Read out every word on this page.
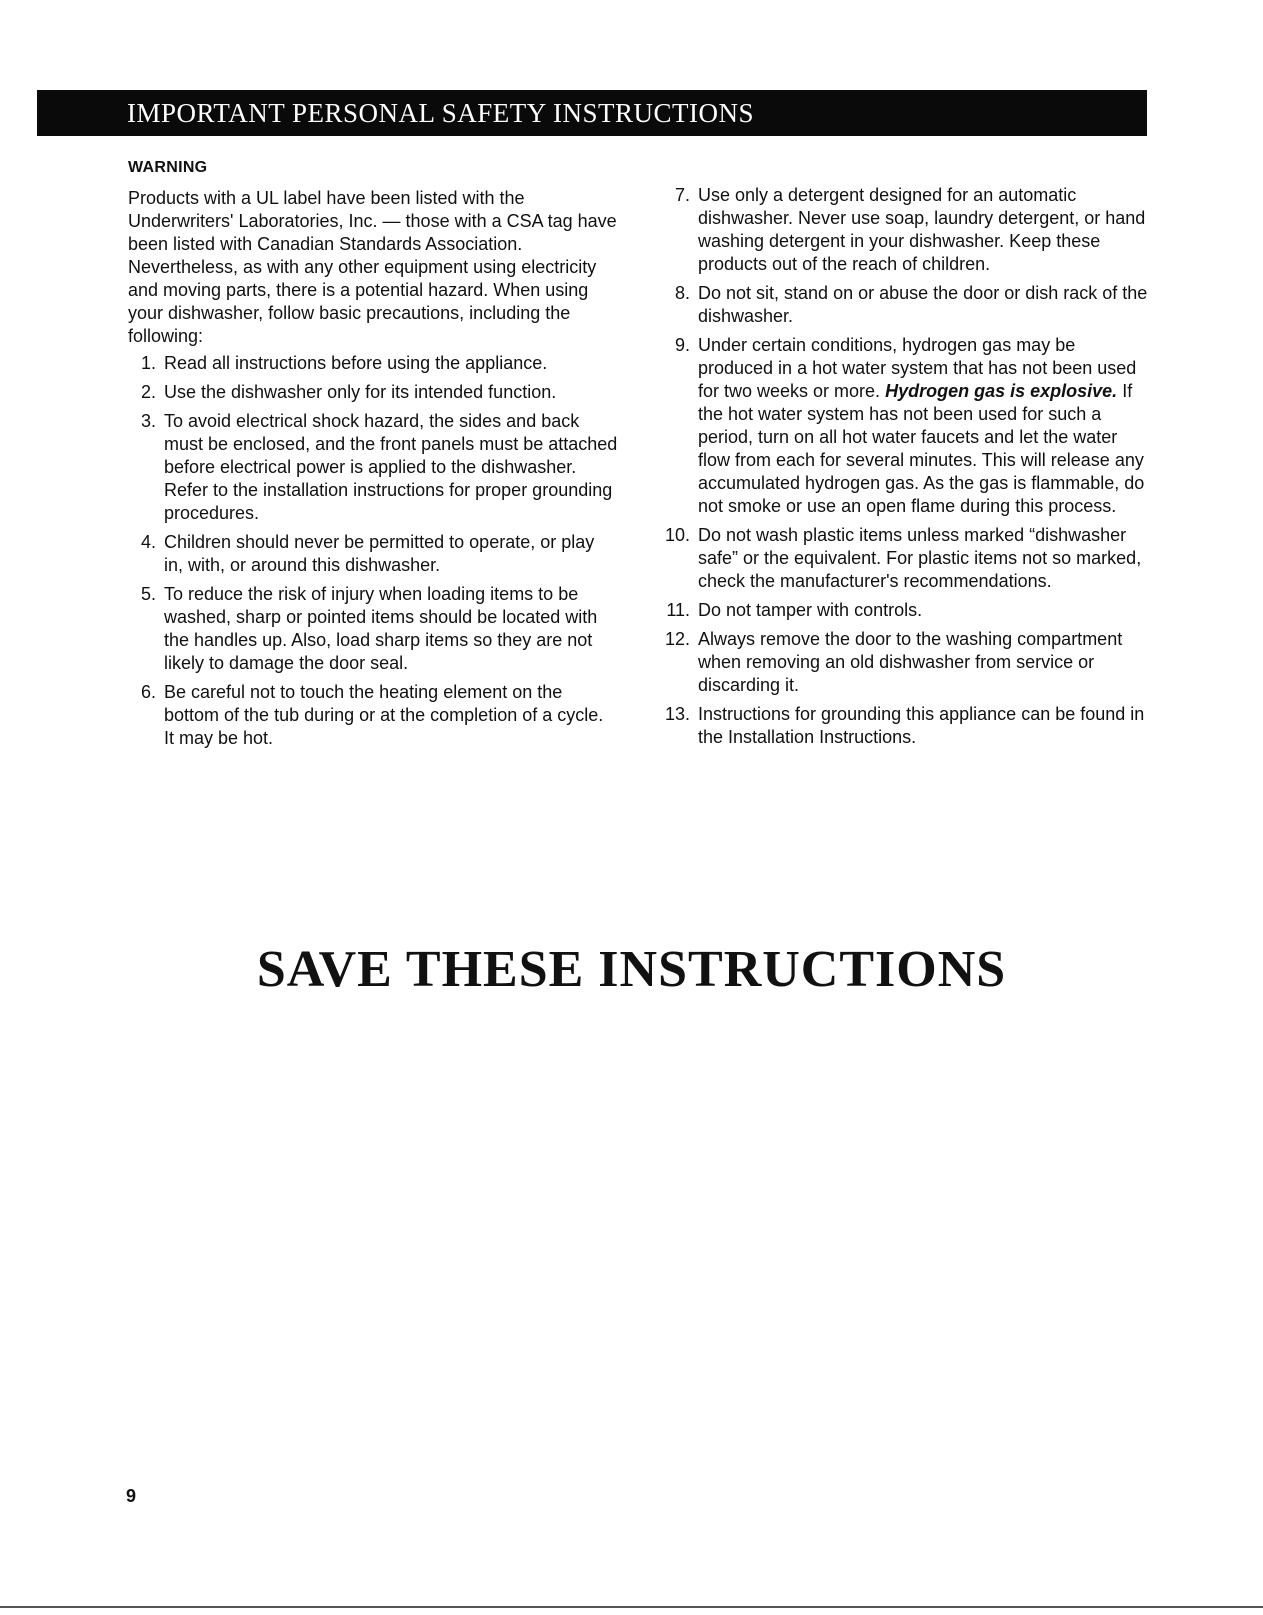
IMPORTANT PERSONAL SAFETY INSTRUCTIONS
WARNING

Products with a UL label have been listed with the Underwriters' Laboratories, Inc. — those with a CSA tag have been listed with Canadian Standards Association. Nevertheless, as with any other equipment using electricity and moving parts, there is a potential hazard. When using your dishwasher, follow basic precautions, including the following:

1. Read all instructions before using the appliance.
2. Use the dishwasher only for its intended function.
3. To avoid electrical shock hazard, the sides and back must be enclosed, and the front panels must be attached before electrical power is applied to the dishwasher. Refer to the installation instructions for proper grounding procedures.
4. Children should never be permitted to operate, or play in, with, or around this dishwasher.
5. To reduce the risk of injury when loading items to be washed, sharp or pointed items should be located with the handles up. Also, load sharp items so they are not likely to damage the door seal.
6. Be careful not to touch the heating element on the bottom of the tub during or at the completion of a cycle. It may be hot.
7. Use only a detergent designed for an automatic dishwasher. Never use soap, laundry detergent, or hand washing detergent in your dishwasher. Keep these products out of the reach of children.
8. Do not sit, stand on or abuse the door or dish rack of the dishwasher.
9. Under certain conditions, hydrogen gas may be produced in a hot water system that has not been used for two weeks or more. Hydrogen gas is explosive. If the hot water system has not been used for such a period, turn on all hot water faucets and let the water flow from each for several minutes. This will release any accumulated hydrogen gas. As the gas is flammable, do not smoke or use an open flame during this process.
10. Do not wash plastic items unless marked “dishwasher safe” or the equivalent. For plastic items not so marked, check the manufacturer's recommendations.
11. Do not tamper with controls.
12. Always remove the door to the washing compartment when removing an old dishwasher from service or discarding it.
13. Instructions for grounding this appliance can be found in the Installation Instructions.
SAVE THESE INSTRUCTIONS
9
